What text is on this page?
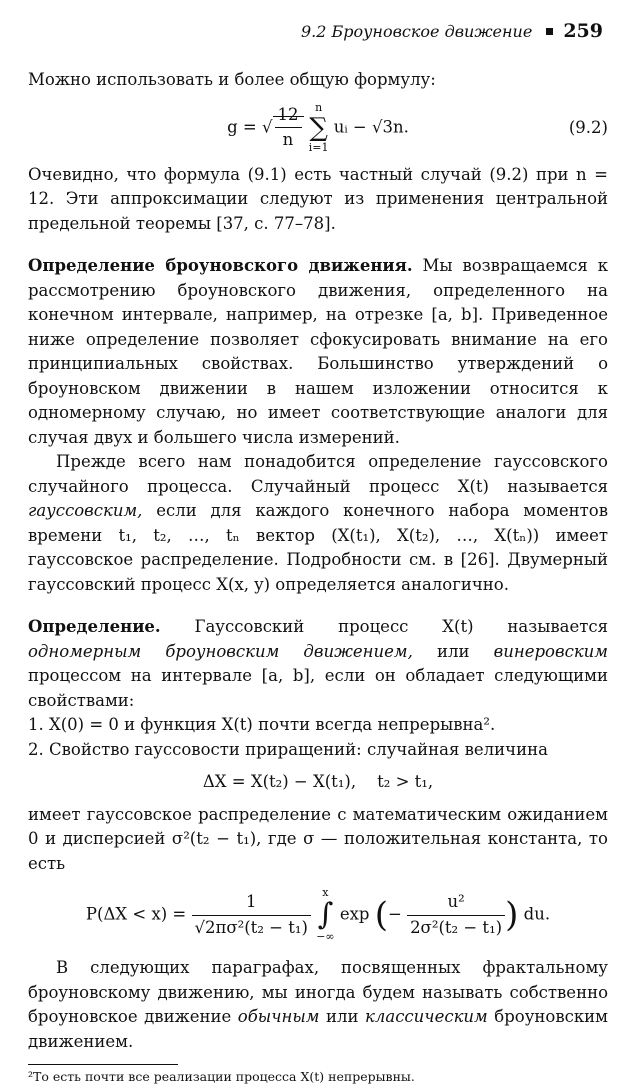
9.2 Броуновское движение 259

Можно использовать и более общую формулу:

g = √ $\frac{12}{n}$
	n
∑
i=1
uᵢ − √3n.	(9.2)

Очевидно, что формула (9.1) есть частный случай (9.2) при n = 12. Эти аппроксимации следуют из применения центральной предельной теоремы [37, с. 77–78].

Определение броуновского движения. Мы возвращаемся к рассмотрению броуновского движения, определенного на конечном интервале, например, на отрезке [a, b]. Приведенное ниже определение позволяет сфокусировать внимание на его принципиальных свойствах. Большинство утверждений о броуновском движении в нашем изложении относится к одномерному случаю, но имеет соответствующие аналоги для случая двух и большего числа измерений.

Прежде всего нам понадобится определение гауссовского случайного процесса. Случайный процесс X(t) называется гауссовским, если для каждого конечного набора моментов времени t₁, t₂, …, tₙ вектор (X(t₁), X(t₂), …, X(tₙ)) имеет гауссовское распределение. Подробности см. в [26]. Двумерный гауссовский процесс X(x, y) определяется аналогично.

Определение. Гауссовский процесс X(t) называется одномерным броуновским движением, или винеровским процессом на интервале [a, b], если он обладает следующими свойствами:

1. X(0) = 0 и функция X(t) почти всегда непрерывна².

2. Свойство гауссовости приращений: случайная величина

ΔX = X(t₂) − X(t₁),    t₂ > t₁,

имеет гауссовское распределение с математическим ожиданием 0 и дисперсией σ²(t₂ − t₁), где σ — положительная константа, то есть

$P(\Delta X < x) = \frac{1}{\text{√2πσ²(t₂ − t₁)}}$
	x
∫
−∞
exp (− $\frac{\text{u²}}{\text{2σ²(t₂ − t₁)}}$ ) du.

В следующих параграфах, посвященных фрактальному броуновскому движению, мы иногда будем называть собственно броуновское движение обычным или классическим броуновским движением.

²То есть почти все реализации процесса X(t) непрерывны.
